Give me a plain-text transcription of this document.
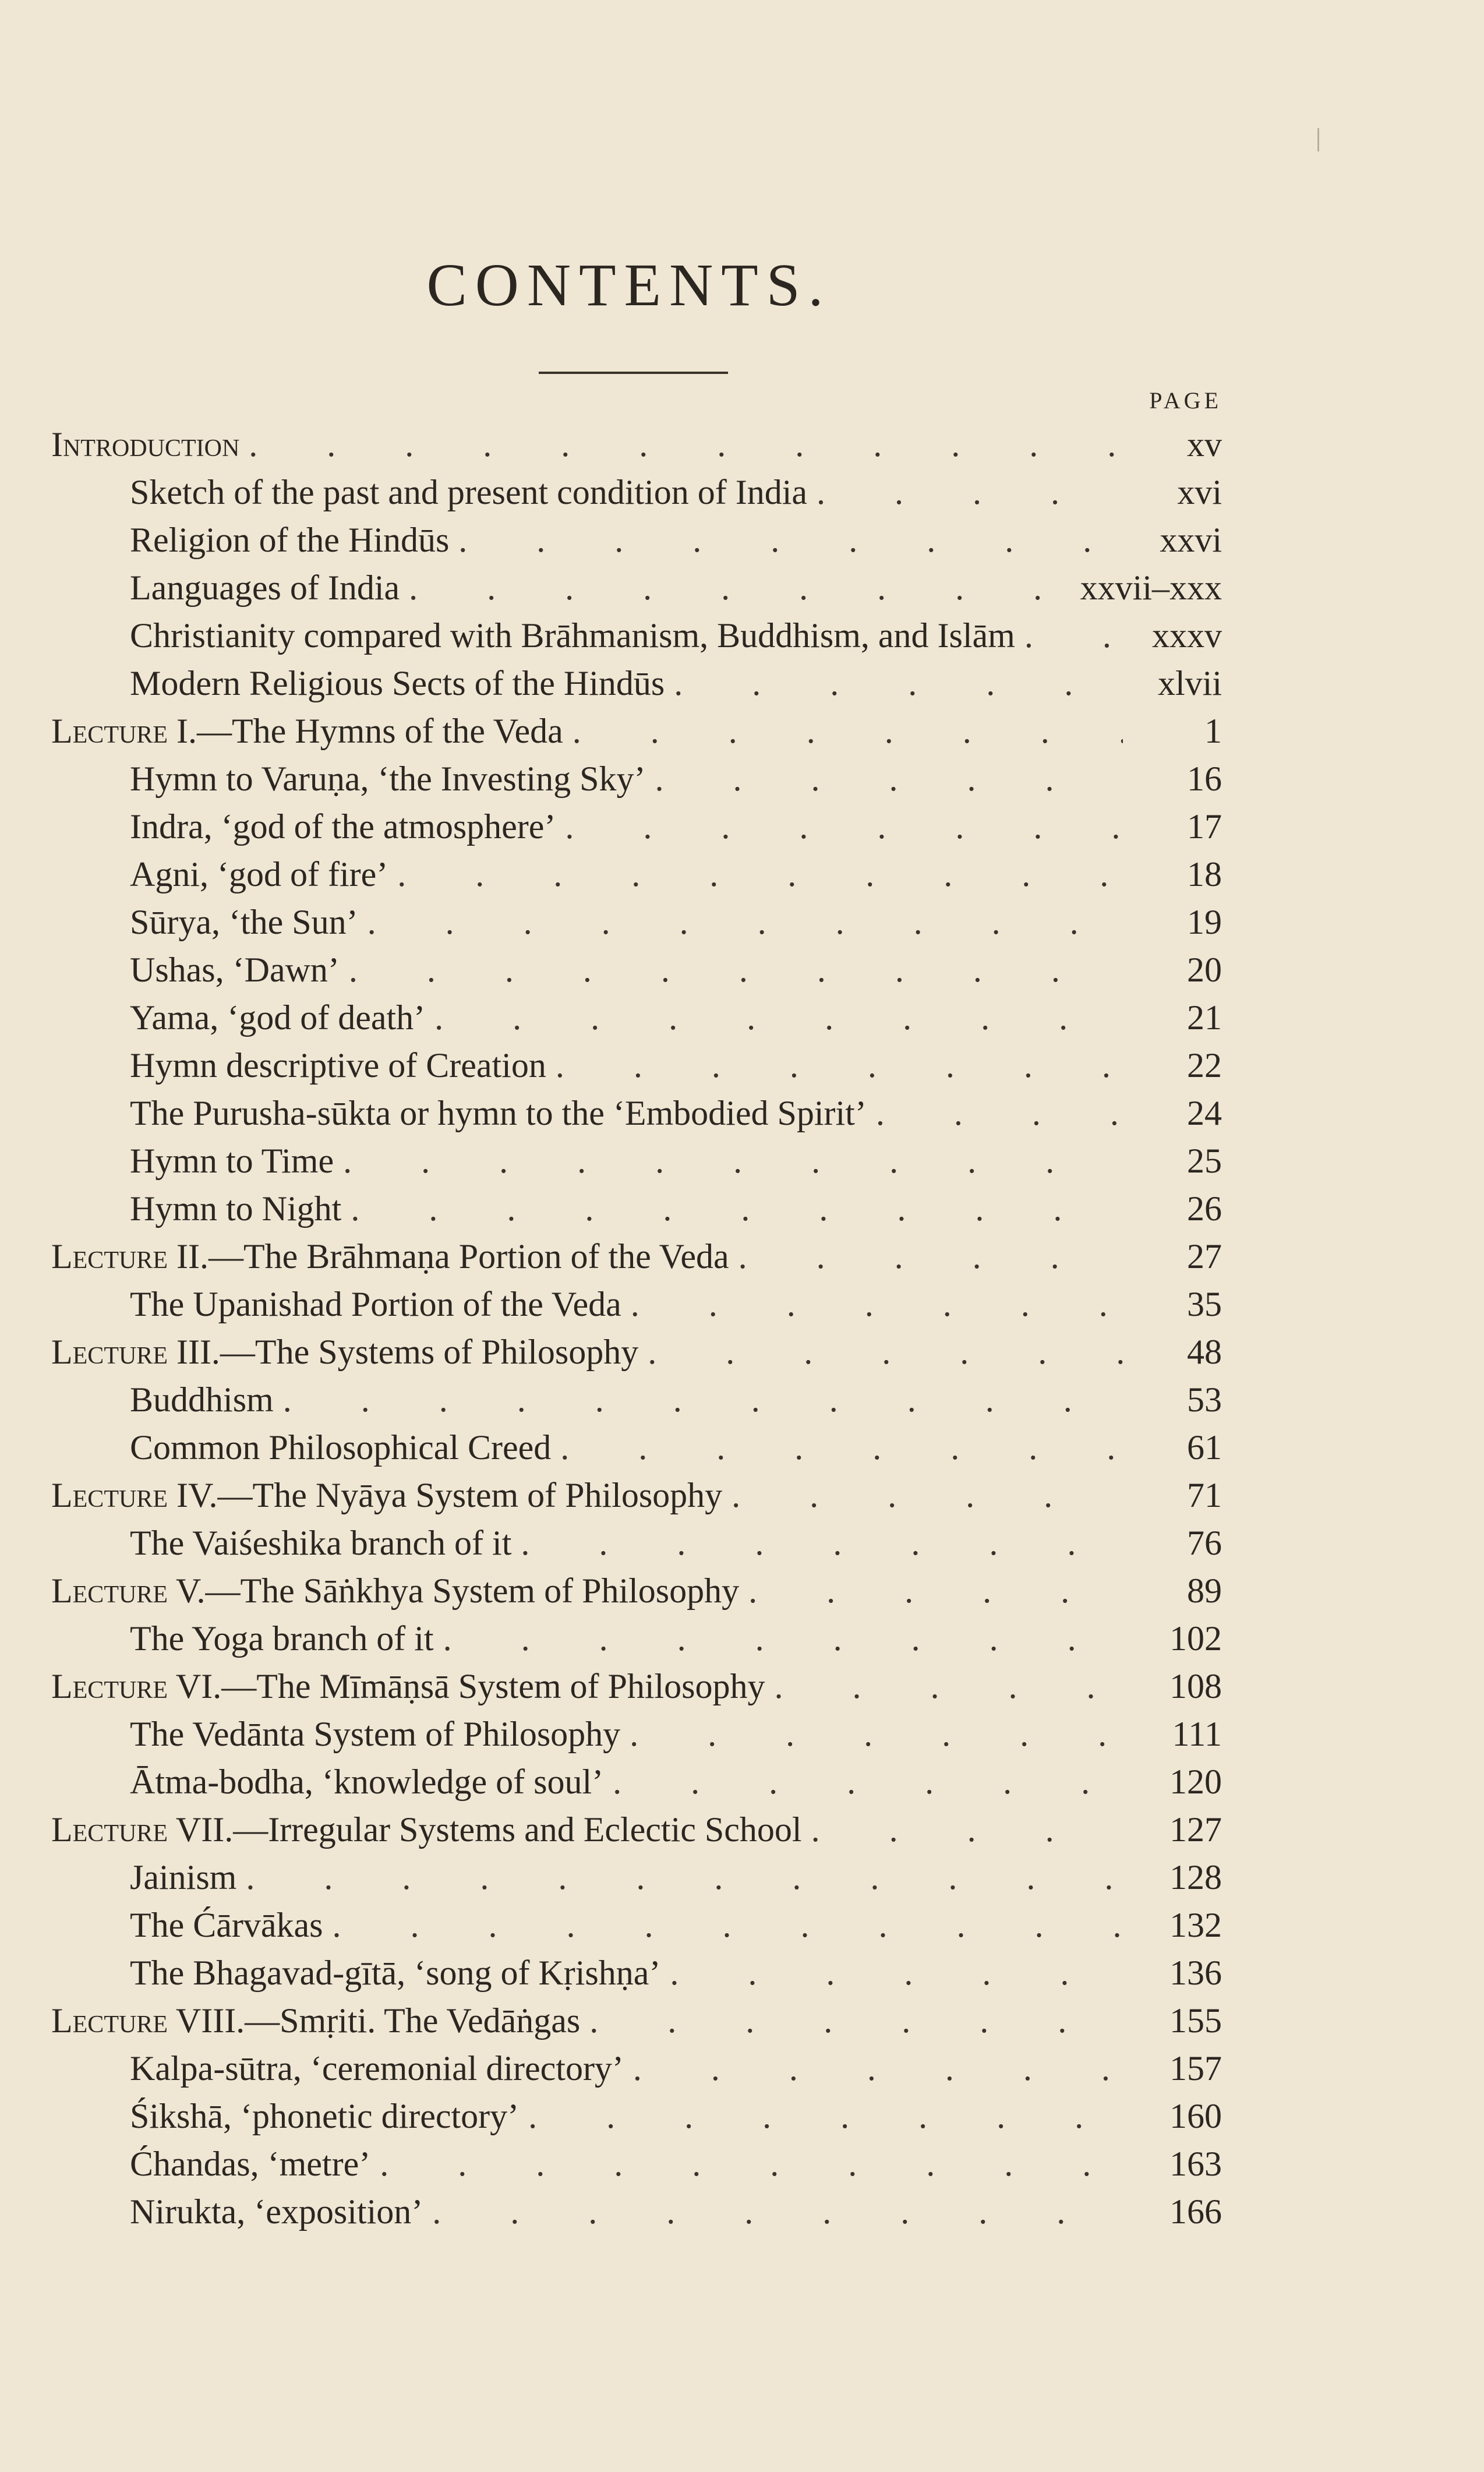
CONTENTS.
PAGE
Introduction . . .	xv
Sketch of the past and present condition of India . . .	xvi
Religion of the Hindūs . . .	xxvi
Languages of India . . .	xxvii–xxx
Christianity compared with Brāhmanism, Buddhism, and Islām . . .	xxxv
Modern Religious Sects of the Hindūs . . .	xlvii
Lecture I.—The Hymns of the Veda . . .	1
Hymn to Varuṇa, ‘the Investing Sky’ . . .	16
Indra, ‘god of the atmosphere’ . . .	17
Agni, ‘god of fire’ . . .	18
Sūrya, ‘the Sun’ . . .	19
Ushas, ‘Dawn’ . . .	20
Yama, ‘god of death’ . . .	21
Hymn descriptive of Creation . . .	22
The Purusha-sūkta or hymn to the ‘Embodied Spirit’ . . .	24
Hymn to Time . . .	25
Hymn to Night . . .	26
Lecture II.—The Brāhmaṇa Portion of the Veda . . .	27
The Upanishad Portion of the Veda . . .	35
Lecture III.—The Systems of Philosophy . . .	48
Buddhism . . .	53
Common Philosophical Creed . . .	61
Lecture IV.—The Nyāya System of Philosophy . . .	71
The Vaiśeshika branch of it . . .	76
Lecture V.—The Sāṅkhya System of Philosophy . . .	89
The Yoga branch of it . . .	102
Lecture VI.—The Mīmāṇsā System of Philosophy . . .	108
The Vedānta System of Philosophy . . .	111
Ātma-bodha, ‘knowledge of soul’ . . .	120
Lecture VII.—Irregular Systems and Eclectic School . . .	127
Jainism . . .	128
The Ćārvākas . . .	132
The Bhagavad-gītā, ‘song of Kṛishṇa’ . . .	136
Lecture VIII.—Smṛiti. The Vedāṅgas . . .	155
Kalpa-sūtra, ‘ceremonial directory’ . . .	157
Śikshā, ‘phonetic directory’ . . .	160
Ćhandas, ‘metre’ . . .	163
Nirukta, ‘exposition’ . . .	166
